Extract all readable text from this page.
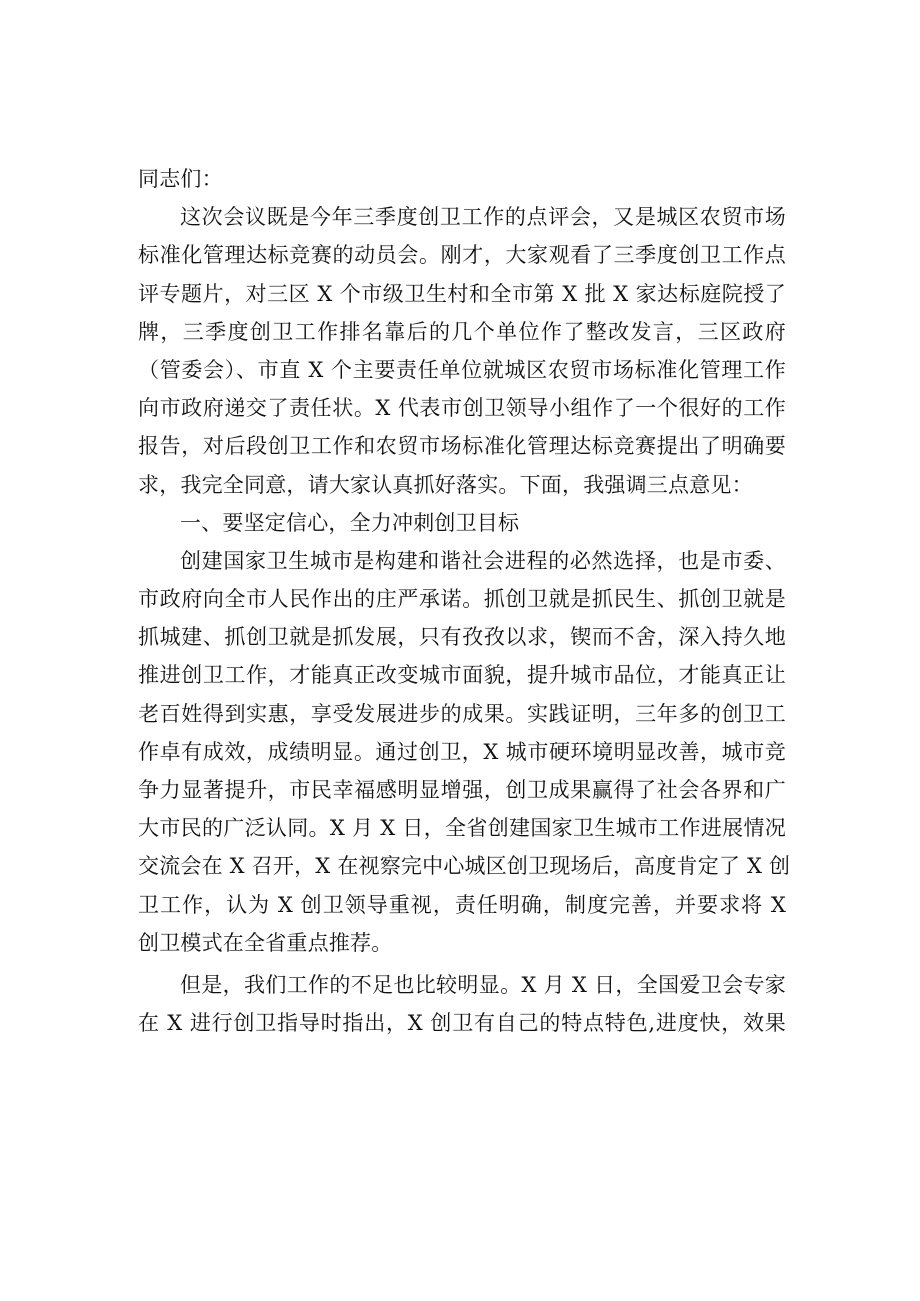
同志们：
这次会议既是今年三季度创卫工作的点评会，又是城区农贸市场
标准化管理达标竞赛的动员会。刚才，大家观看了三季度创卫工作点
评专题片，对三区 X 个市级卫生村和全市第 X 批 X 家达标庭院授了
牌，三季度创卫工作排名靠后的几个单位作了整改发言，三区政府
（管委会）、市直 X 个主要责任单位就城区农贸市场标准化管理工作
向市政府递交了责任状。X 代表市创卫领导小组作了一个很好的工作
报告，对后段创卫工作和农贸市场标准化管理达标竞赛提出了明确要
求，我完全同意，请大家认真抓好落实。下面，我强调三点意见：
一、要坚定信心，全力冲刺创卫目标
创建国家卫生城市是构建和谐社会进程的必然选择，也是市委、
市政府向全市人民作出的庄严承诺。抓创卫就是抓民生、抓创卫就是
抓城建、抓创卫就是抓发展，只有孜孜以求，锲而不舍，深入持久地
推进创卫工作，才能真正改变城市面貌，提升城市品位，才能真正让
老百姓得到实惠，享受发展进步的成果。实践证明，三年多的创卫工
作卓有成效，成绩明显。通过创卫，X 城市硬环境明显改善，城市竞
争力显著提升，市民幸福感明显增强，创卫成果赢得了社会各界和广
大市民的广泛认同。X 月 X 日，全省创建国家卫生城市工作进展情况
交流会在 X 召开，X 在视察完中心城区创卫现场后，高度肯定了 X 创
卫工作，认为 X 创卫领导重视，责任明确，制度完善，并要求将 X
创卫模式在全省重点推荐。
但是，我们工作的不足也比较明显。X 月 X 日，全国爱卫会专家
在 X 进行创卫指导时指出，X 创卫有自己的特点特色,进度快，效果
